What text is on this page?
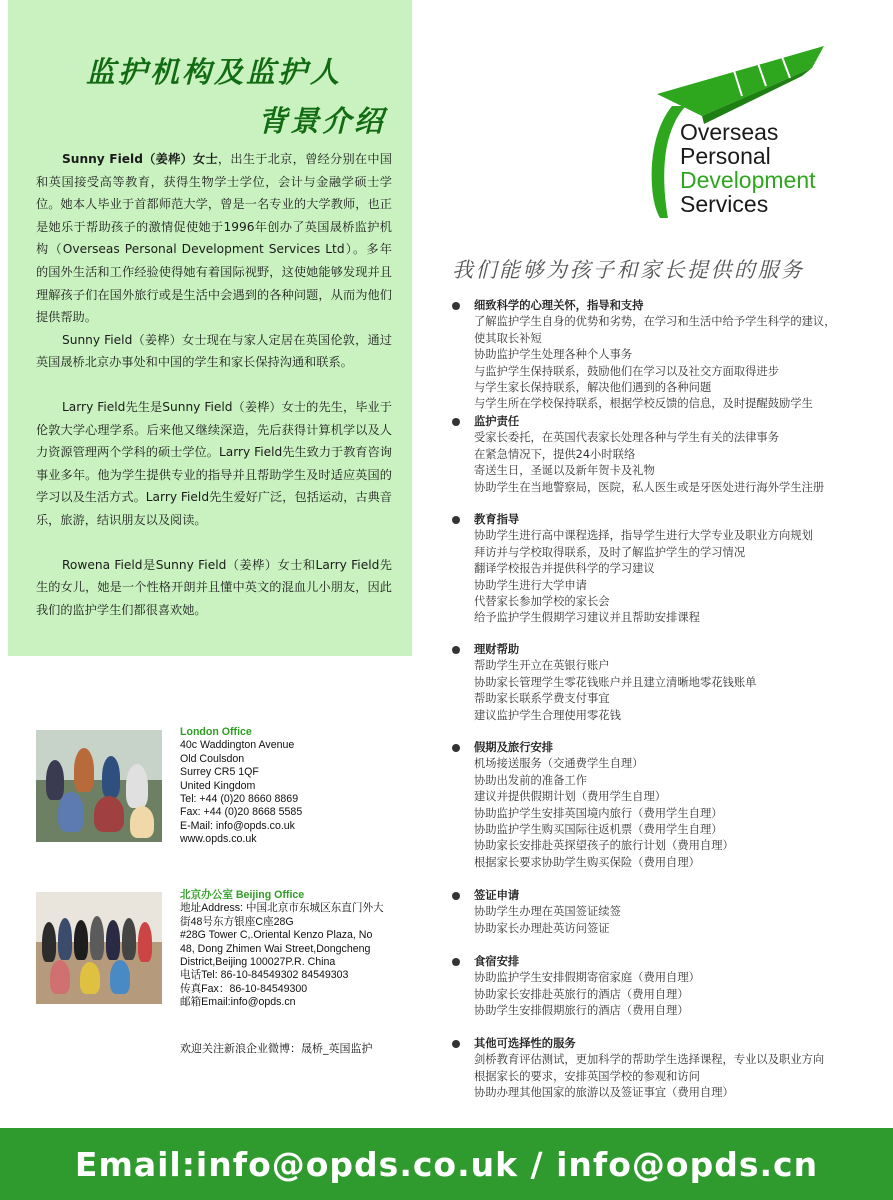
监护机构及监护人
背景介绍

Sunny Field（姜桦）女士，出生于北京，曾经分别在中国和英国接受高等教育，获得生物学士学位，会计与金融学硕士学位。她本人毕业于首都师范大学，曾是一名专业的大学教师，也正是她乐于帮助孩子的激情促使她于1996年创办了英国晟桥监护机构（Overseas Personal Development Services Ltd）。多年的国外生活和工作经验使得她有着国际视野，这使她能够发现并且理解孩子们在国外旅行或是生活中会遇到的各种问题，从而为他们提供帮助。

Sunny Field（姜桦）女士现在与家人定居在英国伦敦，通过英国晟桥北京办事处和中国的学生和家长保持沟通和联系。

Larry Field先生是Sunny Field（姜桦）女士的先生，毕业于伦敦大学心理学系。后来他又继续深造，先后获得计算机学以及人力资源管理两个学科的硕士学位。Larry Field先生致力于教育咨询事业多年。他为学生提供专业的指导并且帮助学生及时适应英国的学习以及生活方式。Larry Field先生爱好广泛，包括运动，古典音乐，旅游，结识朋友以及阅读。

Rowena Field是Sunny Field（姜桦）女士和Larry Field先生的女儿，她是一个性格开朗并且懂中英文的混血儿小朋友，因此我们的监护学生们都很喜欢她。

Overseas
Personal
Development
Services
我们能够为孩子和家长提供的服务
细致科学的心理关怀，指导和支持
了解监护学生自身的优势和劣势，在学习和生活中给予学生科学的建议，
使其取长补短
协助监护学生处理各种个人事务
与监护学生保持联系，鼓励他们在学习以及社交方面取得进步
与学生家长保持联系，解决他们遇到的各种问题
与学生所在学校保持联系，根据学校反馈的信息，及时提醒鼓励学生
监护责任
受家长委托，在英国代表家长处理各种与学生有关的法律事务
在紧急情况下，提供24小时联络
寄送生日，圣诞以及新年贺卡及礼物
协助学生在当地警察局，医院，私人医生或是牙医处进行海外学生注册
教育指导
协助学生进行高中课程选择，指导学生进行大学专业及职业方向规划
拜访并与学校取得联系，及时了解监护学生的学习情况
翻译学校报告并提供科学的学习建议
协助学生进行大学申请
代替家长参加学校的家长会
给予监护学生假期学习建议并且帮助安排课程
理财帮助
帮助学生开立在英银行账户
协助家长管理学生零花钱账户并且建立清晰地零花钱账单
帮助家长联系学费支付事宜
建议监护学生合理使用零花钱
假期及旅行安排
机场接送服务（交通费学生自理）
协助出发前的准备工作
建议并提供假期计划（费用学生自理）
协助监护学生安排英国境内旅行（费用学生自理）
协助监护学生购买国际往返机票（费用学生自理）
协助家长安排赴英探望孩子的旅行计划（费用自理）
根据家长要求协助学生购买保险（费用自理）
签证申请
协助学生办理在英国签证续签
协助家长办理赴英访问签证
食宿安排
协助监护学生安排假期寄宿家庭（费用自理）
协助家长安排赴英旅行的酒店（费用自理）
协助学生安排假期旅行的酒店（费用自理）
其他可选择性的服务
剑桥教育评估测试，更加科学的帮助学生选择课程，专业以及职业方向
根据家长的要求，安排英国学校的参观和访问
协助办理其他国家的旅游以及签证事宜（费用自理）
London Office
40c Waddington Avenue
Old Coulsdon
Surrey CR5 1QF
United Kingdom
Tel: +44 (0)20 8660 8869
Fax: +44 (0)20 8668 5585
E-Mail: info@opds.co.uk
www.opds.co.uk
北京办公室 Beijing Office
地址Address: 中国北京市东城区东直门外大
街48号东方银座C座28G
#28G Tower C,.Oriental Kenzo Plaza, No
48, Dong Zhimen Wai Street,Dongcheng
District,Beijing 100027P.R. China
电话Tel: 86-10-84549302 84549303
传真Fax：86-10-84549300
邮箱Email:info@opds.cn
欢迎关注新浪企业微博：晟桥_英国监护
Email:info@opds.co.uk / info@opds.cn
